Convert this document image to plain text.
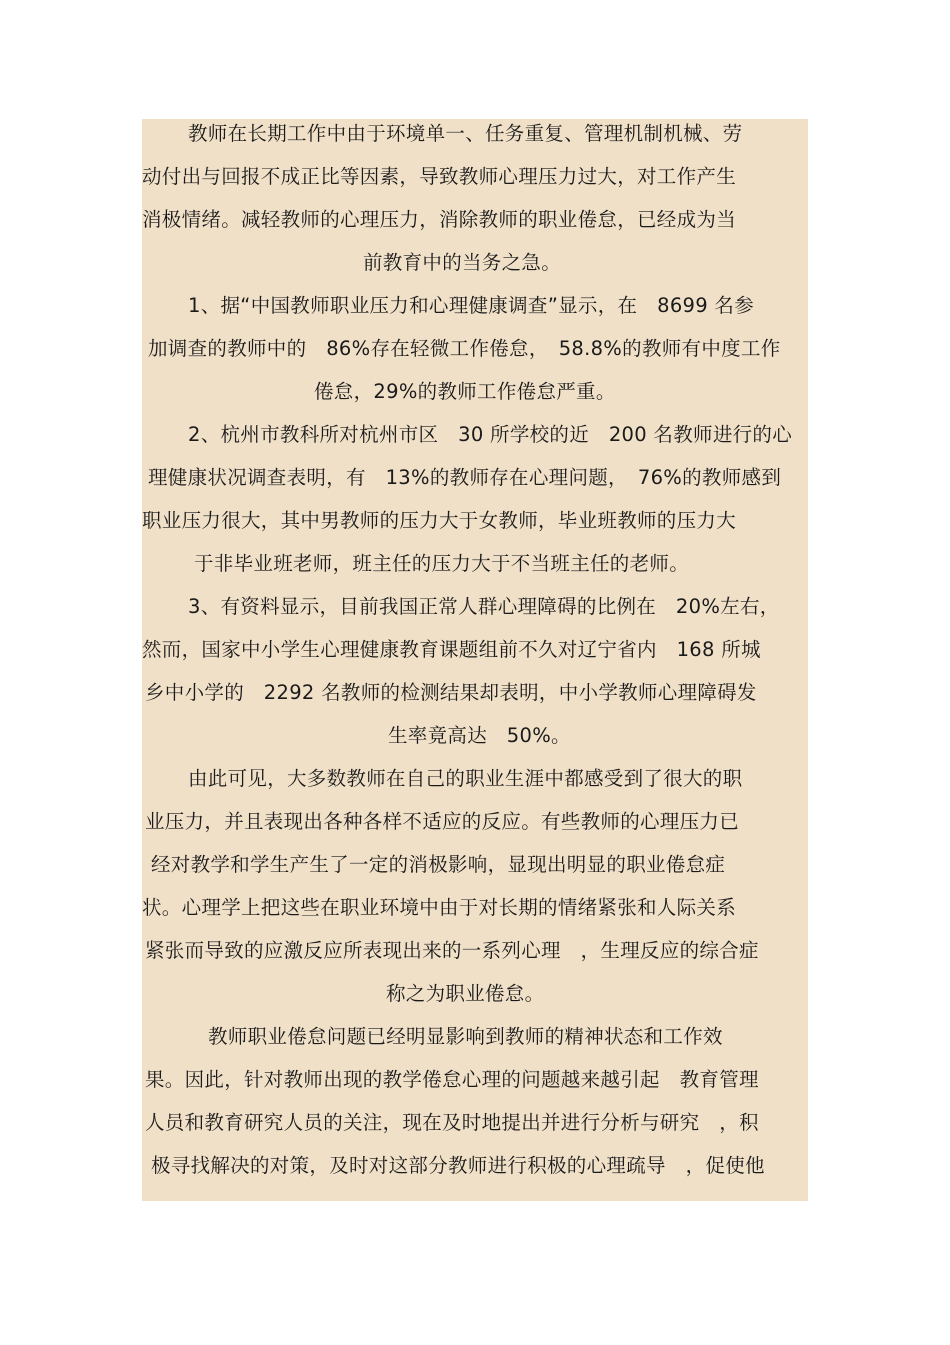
教师在长期工作中由于环境单一、任务重复、管理机制机械、劳
动付出与回报不成正比等因素，导致教师心理压力过大，对工作产生
消极情绪。减轻教师的心理压力，消除教师的职业倦怠，已经成为当
前教育中的当务之急。
1、据“中国教师职业压力和心理健康调查”显示，在　8699 名参
加调查的教师中的　86%存在轻微工作倦怠，　58.8%的教师有中度工作
倦怠，29%的教师工作倦怠严重。
2、杭州市教科所对杭州市区　30 所学校的近　200 名教师进行的心
理健康状况调查表明，有　13%的教师存在心理问题，　76%的教师感到
职业压力很大，其中男教师的压力大于女教师，毕业班教师的压力大
于非毕业班老师，班主任的压力大于不当班主任的老师。
3、有资料显示，目前我国正常人群心理障碍的比例在　20%左右，
然而，国家中小学生心理健康教育课题组前不久对辽宁省内　168 所城
乡中小学的　2292 名教师的检测结果却表明，中小学教师心理障碍发
生率竟高达　50%。
由此可见，大多数教师在自己的职业生涯中都感受到了很大的职
业压力，并且表现出各种各样不适应的反应。有些教师的心理压力已
经对教学和学生产生了一定的消极影响，显现出明显的职业倦怠症
状。心理学上把这些在职业环境中由于对长期的情绪紧张和人际关系
紧张而导致的应激反应所表现出来的一系列心理　，生理反应的综合症
称之为职业倦怠。
教师职业倦怠问题已经明显影响到教师的精神状态和工作效
果。因此，针对教师出现的教学倦怠心理的问题越来越引起　教育管理
人员和教育研究人员的关注，现在及时地提出并进行分析与研究　，积
极寻找解决的对策，及时对这部分教师进行积极的心理疏导　，促使他
